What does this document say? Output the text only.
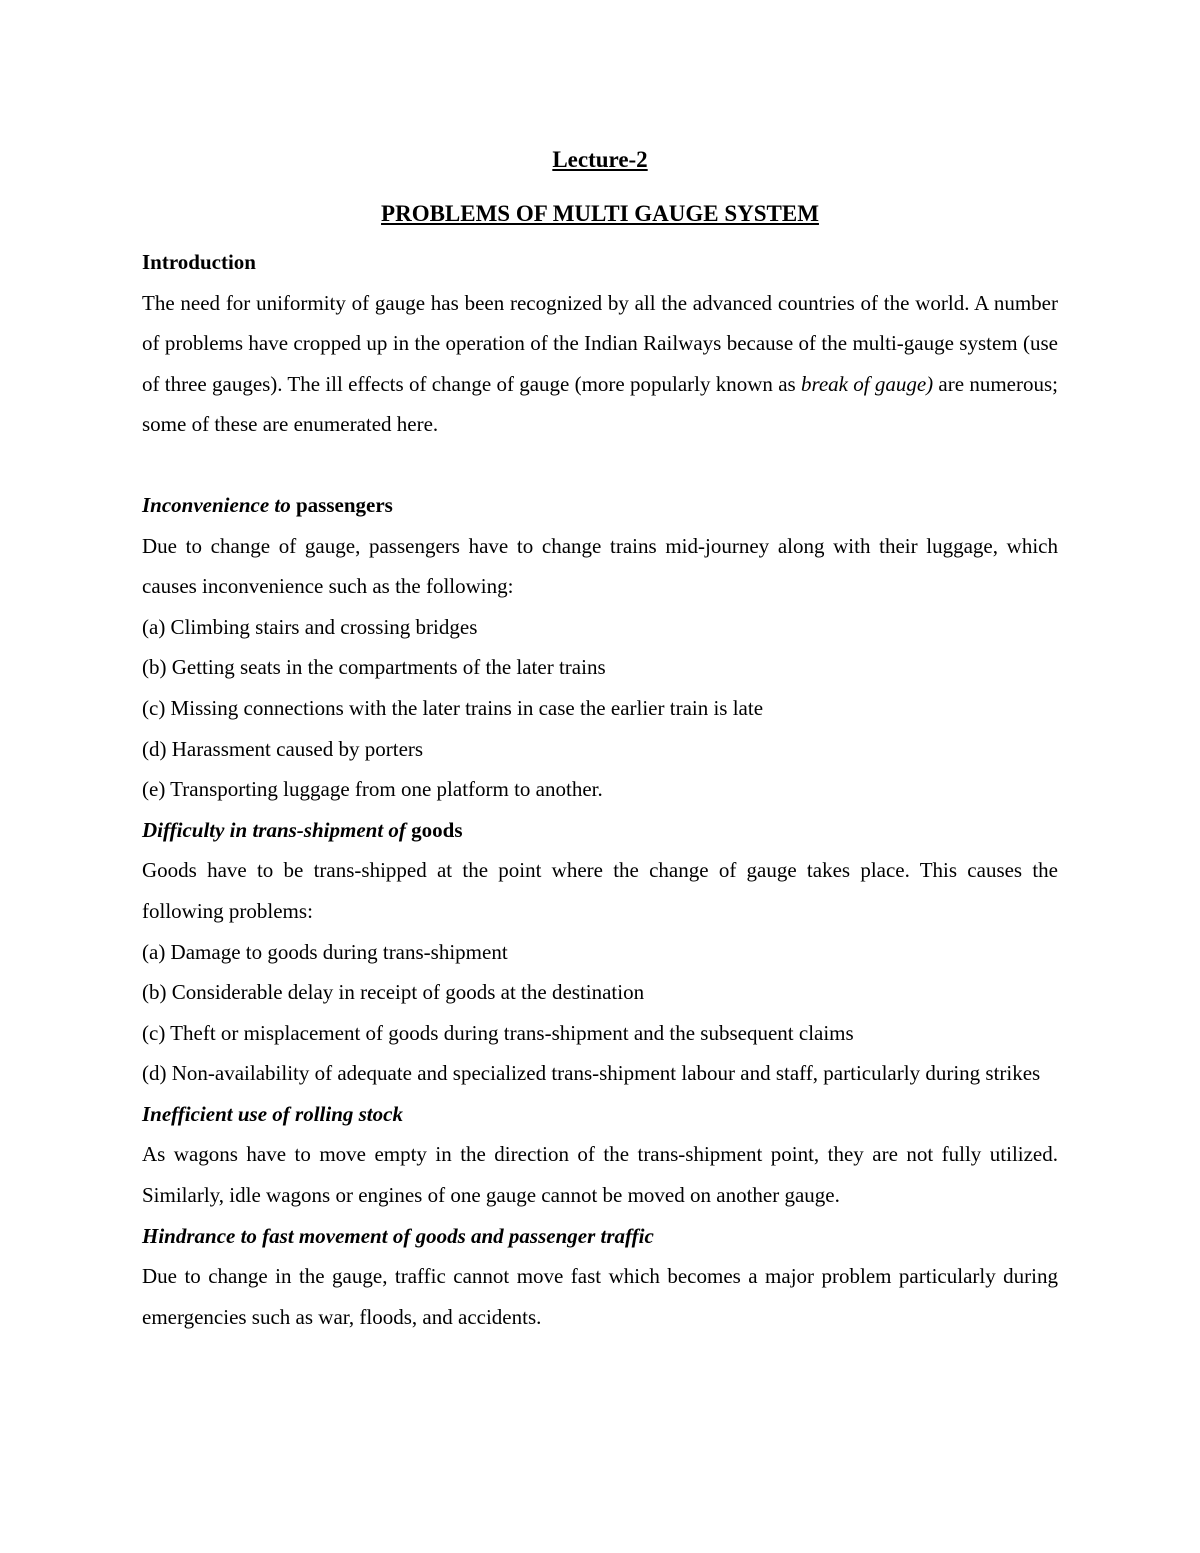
Lecture-2
PROBLEMS OF MULTI GAUGE SYSTEM

Introduction

The need for uniformity of gauge has been recognized by all the advanced countries of the world. A number of problems have cropped up in the operation of the Indian Railways because of the multi-gauge system (use of three gauges). The ill effects of change of gauge (more popularly known as break of gauge) are numerous; some of these are enumerated here.

Inconvenience to passengers

Due to change of gauge, passengers have to change trains mid-journey along with their luggage, which causes inconvenience such as the following:

(a) Climbing stairs and crossing bridges

(b) Getting seats in the compartments of the later trains

(c) Missing connections with the later trains in case the earlier train is late

(d) Harassment caused by porters

(e) Transporting luggage from one platform to another.

Difficulty in trans-shipment of goods

Goods have to be trans-shipped at the point where the change of gauge takes place. This causes the following problems:

(a) Damage to goods during trans-shipment

(b) Considerable delay in receipt of goods at the destination

(c) Theft or misplacement of goods during trans-shipment and the subsequent claims

(d) Non-availability of adequate and specialized trans-shipment labour and staff, particularly during strikes

Inefficient use of rolling stock

As wagons have to move empty in the direction of the trans-shipment point, they are not fully utilized. Similarly, idle wagons or engines of one gauge cannot be moved on another gauge.

Hindrance to fast movement of goods and passenger traffic

Due to change in the gauge, traffic cannot move fast which becomes a major problem particularly during emergencies such as war, floods, and accidents.
